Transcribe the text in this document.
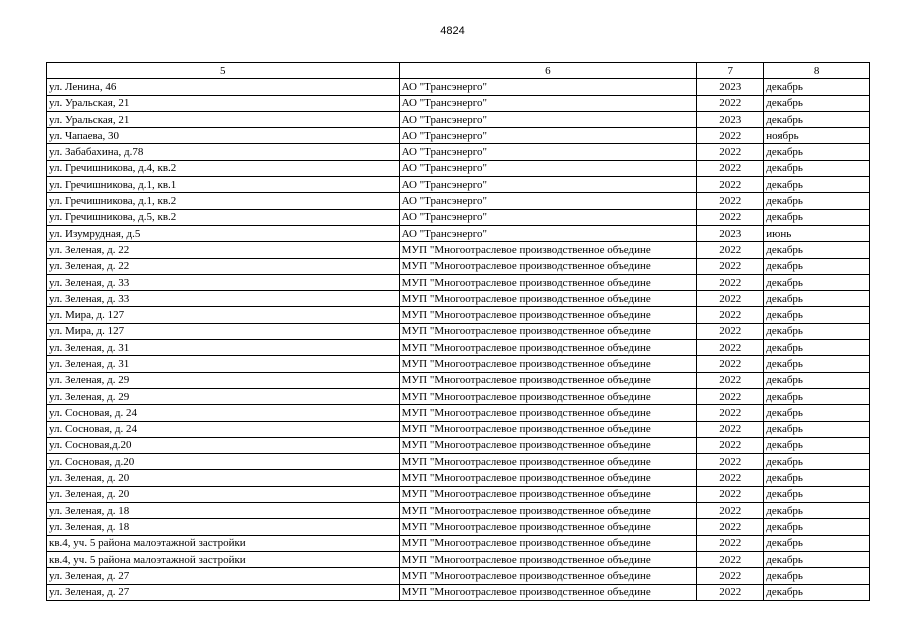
4824
5	6	7	8
ул. Ленина, 46	АО "Трансэнерго"	2023	декабрь
ул. Уральская, 21	АО "Трансэнерго"	2022	декабрь
ул. Уральская, 21	АО "Трансэнерго"	2023	декабрь
ул. Чапаева, 30	АО "Трансэнерго"	2022	ноябрь
ул. Забабахина, д.78	АО "Трансэнерго"	2022	декабрь
ул. Гречишникова, д.4, кв.2	АО "Трансэнерго"	2022	декабрь
ул. Гречишникова, д.1, кв.1	АО "Трансэнерго"	2022	декабрь
ул. Гречишникова, д.1, кв.2	АО "Трансэнерго"	2022	декабрь
ул. Гречишникова, д.5, кв.2	АО "Трансэнерго"	2022	декабрь
ул. Изумрудная, д.5	АО "Трансэнерго"	2023	июнь
ул. Зеленая, д. 22	МУП "Многоотраслевое производственное объедине	2022	декабрь
ул. Зеленая, д. 22	МУП "Многоотраслевое производственное объедине	2022	декабрь
ул. Зеленая, д. 33	МУП "Многоотраслевое производственное объедине	2022	декабрь
ул. Зеленая, д. 33	МУП "Многоотраслевое производственное объедине	2022	декабрь
ул. Мира, д. 127	МУП "Многоотраслевое производственное объедине	2022	декабрь
ул. Мира, д. 127	МУП "Многоотраслевое производственное объедине	2022	декабрь
ул. Зеленая, д. 31	МУП "Многоотраслевое производственное объедине	2022	декабрь
ул. Зеленая, д. 31	МУП "Многоотраслевое производственное объедине	2022	декабрь
ул. Зеленая, д. 29	МУП "Многоотраслевое производственное объедине	2022	декабрь
ул. Зеленая, д. 29	МУП "Многоотраслевое производственное объедине	2022	декабрь
ул. Сосновая, д. 24	МУП "Многоотраслевое производственное объедине	2022	декабрь
ул. Сосновая, д. 24	МУП "Многоотраслевое производственное объедине	2022	декабрь
ул. Сосновая,д.20	МУП "Многоотраслевое производственное объедине	2022	декабрь
ул. Сосновая, д.20	МУП "Многоотраслевое производственное объедине	2022	декабрь
ул. Зеленая, д. 20	МУП "Многоотраслевое производственное объедине	2022	декабрь
ул. Зеленая, д. 20	МУП "Многоотраслевое производственное объедине	2022	декабрь
ул. Зеленая, д. 18	МУП "Многоотраслевое производственное объедине	2022	декабрь
ул. Зеленая, д. 18	МУП "Многоотраслевое производственное объедине	2022	декабрь
кв.4, уч. 5 района малоэтажной застройки	МУП "Многоотраслевое производственное объедине	2022	декабрь
кв.4, уч. 5 района малоэтажной застройки	МУП "Многоотраслевое производственное объедине	2022	декабрь
ул. Зеленая, д. 27	МУП "Многоотраслевое производственное объедине	2022	декабрь
ул. Зеленая, д. 27	МУП "Многоотраслевое производственное объедине	2022	декабрь
